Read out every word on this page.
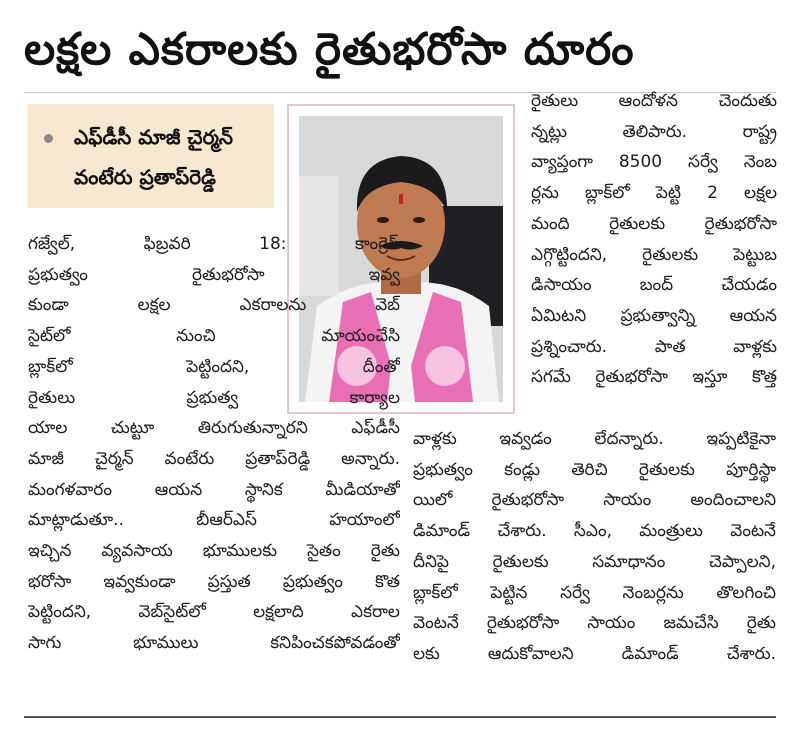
లక్షల ఎకరాలకు రైతుభరోసా దూరం
ఎఫ్‌డీసీ మాజీ చైర్మన్
వంటేరు ప్రతాప్‌రెడ్డి
గజ్వేల్, ఫిబ్రవరి 18: కాంగ్రెస్
ప్రభుత్వం రైతుభరోసా ఇవ్వ
కుండా లక్షల ఎకరాలను వెబ్
సైట్‌లో నుంచి మాయంచేసి
బ్లాక్‌లో పెట్టిందని, దీంతో
రైతులు ప్రభుత్వ కార్యాల
యాల చుట్టూ తిరుగుతున్నారని ఎఫ్‌డీసీ
మాజీ చైర్మన్ వంటేరు ప్రతాప్‌రెడ్డి అన్నారు.
మంగళవారం ఆయన స్థానిక మీడియాతో
మాట్లాడుతూ.. బీఆర్‌ఎస్ హయాంలో
ఇచ్చిన వ్యవసాయ భూములకు సైతం రైతు
భరోసా ఇవ్వకుండా ప్రస్తుత ప్రభుత్వం కొత
పెట్టిందని, వెబ్‌సైట్‌లో లక్షలాది ఎకరాల
సాగు భూములు కనిపించకపోవడంతో
రైతులు ఆందోళన చెందుతు
న్నట్లు తెలిపారు. రాష్ట్ర
వ్యాప్తంగా 8500 సర్వే నెంబ
ర్లను బ్లాక్‌లో పెట్టి 2 లక్షల
మంది రైతులకు రైతుభరోసా
ఎగ్గొట్టిందని, రైతులకు పెట్టుబ
డిసాయం బంద్ చేయడం
ఏమిటని ప్రభుత్వాన్ని ఆయన
ప్రశ్నించారు. పాత వాళ్లకు
సగమే రైతుభరోసా ఇస్తూ కొత్త
వాళ్లకు ఇవ్వడం లేదన్నారు. ఇప్పటికైనా
ప్రభుత్వం కండ్లు తెరిచి రైతులకు పూర్తిస్థా
యిలో రైతుభరోసా సాయం అందించాలని
డిమాండ్ చేశారు. సీఎం, మంత్రులు వెంటనే
దీనిపై రైతులకు సమాధానం చెప్పాలని,
బ్లాక్‌లో పెట్టిన సర్వే నెంబర్లను తొలగించి
వెంటనే రైతుభరోసా సాయం జమచేసి రైతు
లకు ఆదుకోవాలని డిమాండ్ చేశారు.
